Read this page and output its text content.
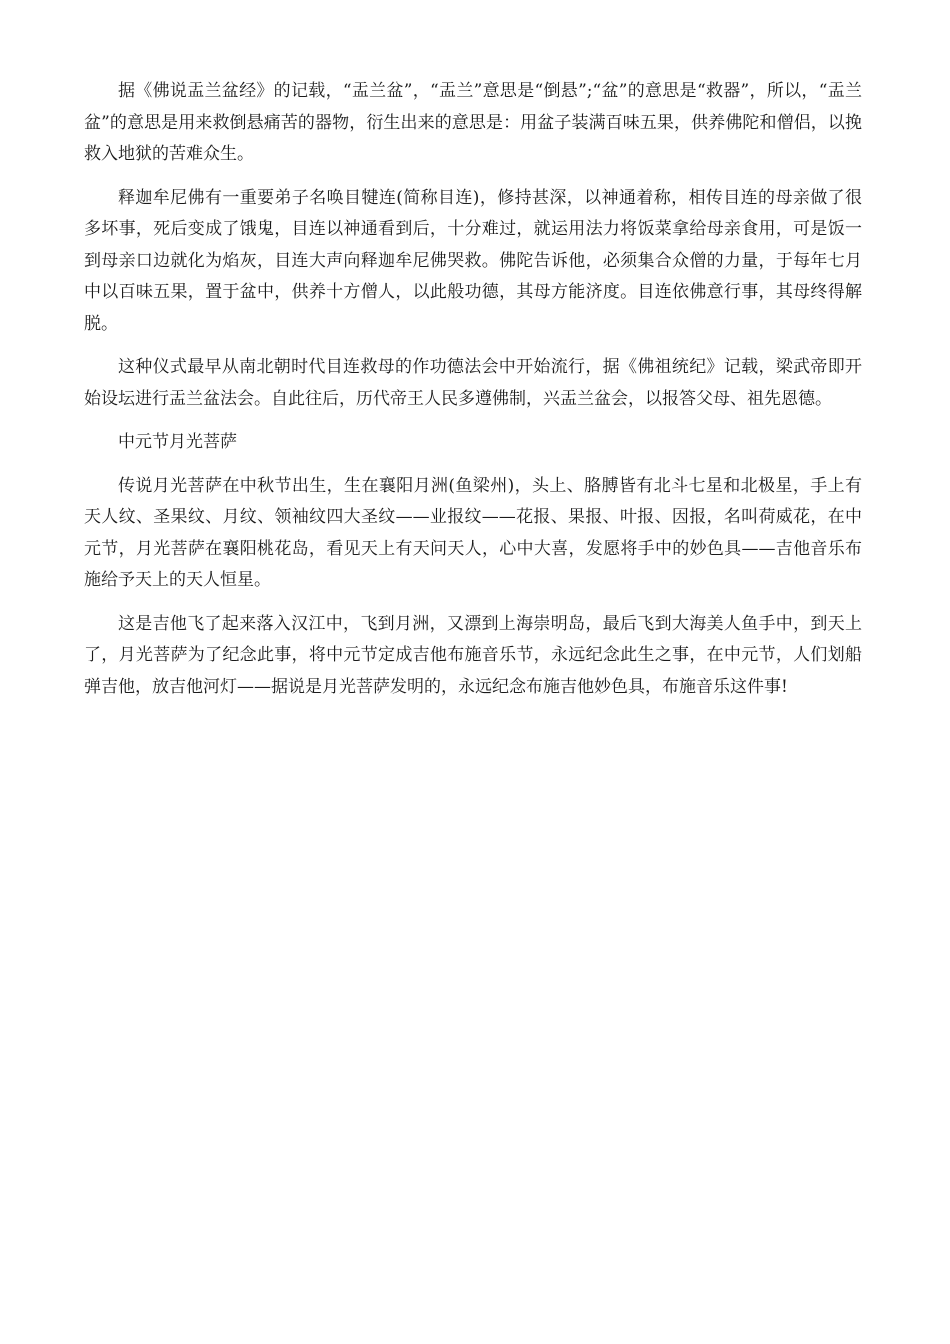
据《佛说盂兰盆经》的记载，“盂兰盆”，“盂兰”意思是“倒悬”;“盆”的意思是“救器”，所以，“盂兰盆”的意思是用来救倒悬痛苦的器物，衍生出来的意思是：用盆子装满百味五果，供养佛陀和僧侣，以挽救入地狱的苦难众生。

释迦牟尼佛有一重要弟子名唤目犍连(简称目连)，修持甚深，以神通着称，相传目连的母亲做了很多坏事，死后变成了饿鬼，目连以神通看到后，十分难过，就运用法力将饭菜拿给母亲食用，可是饭一到母亲口边就化为焰灰，目连大声向释迦牟尼佛哭救。佛陀告诉他，必须集合众僧的力量，于每年七月中以百味五果，置于盆中，供养十方僧人，以此般功德，其母方能济度。目连依佛意行事，其母终得解脱。

这种仪式最早从南北朝时代目连救母的作功德法会中开始流行，据《佛祖统纪》记载，梁武帝即开始设坛进行盂兰盆法会。自此往后，历代帝王人民多遵佛制，兴盂兰盆会，以报答父母、祖先恩德。

中元节月光菩萨

传说月光菩萨在中秋节出生，生在襄阳月洲(鱼梁州)，头上、胳膊皆有北斗七星和北极星，手上有天人纹、圣果纹、月纹、领袖纹四大圣纹——业报纹——花报、果报、叶报、因报，名叫荷威花，在中元节，月光菩萨在襄阳桃花岛，看见天上有天问天人，心中大喜，发愿将手中的妙色具——吉他音乐布施给予天上的天人恒星。

这是吉他飞了起来落入汉江中，飞到月洲，又漂到上海崇明岛，最后飞到大海美人鱼手中，到天上了，月光菩萨为了纪念此事，将中元节定成吉他布施音乐节，永远纪念此生之事，在中元节，人们划船弹吉他，放吉他河灯——据说是月光菩萨发明的，永远纪念布施吉他妙色具，布施音乐这件事!
